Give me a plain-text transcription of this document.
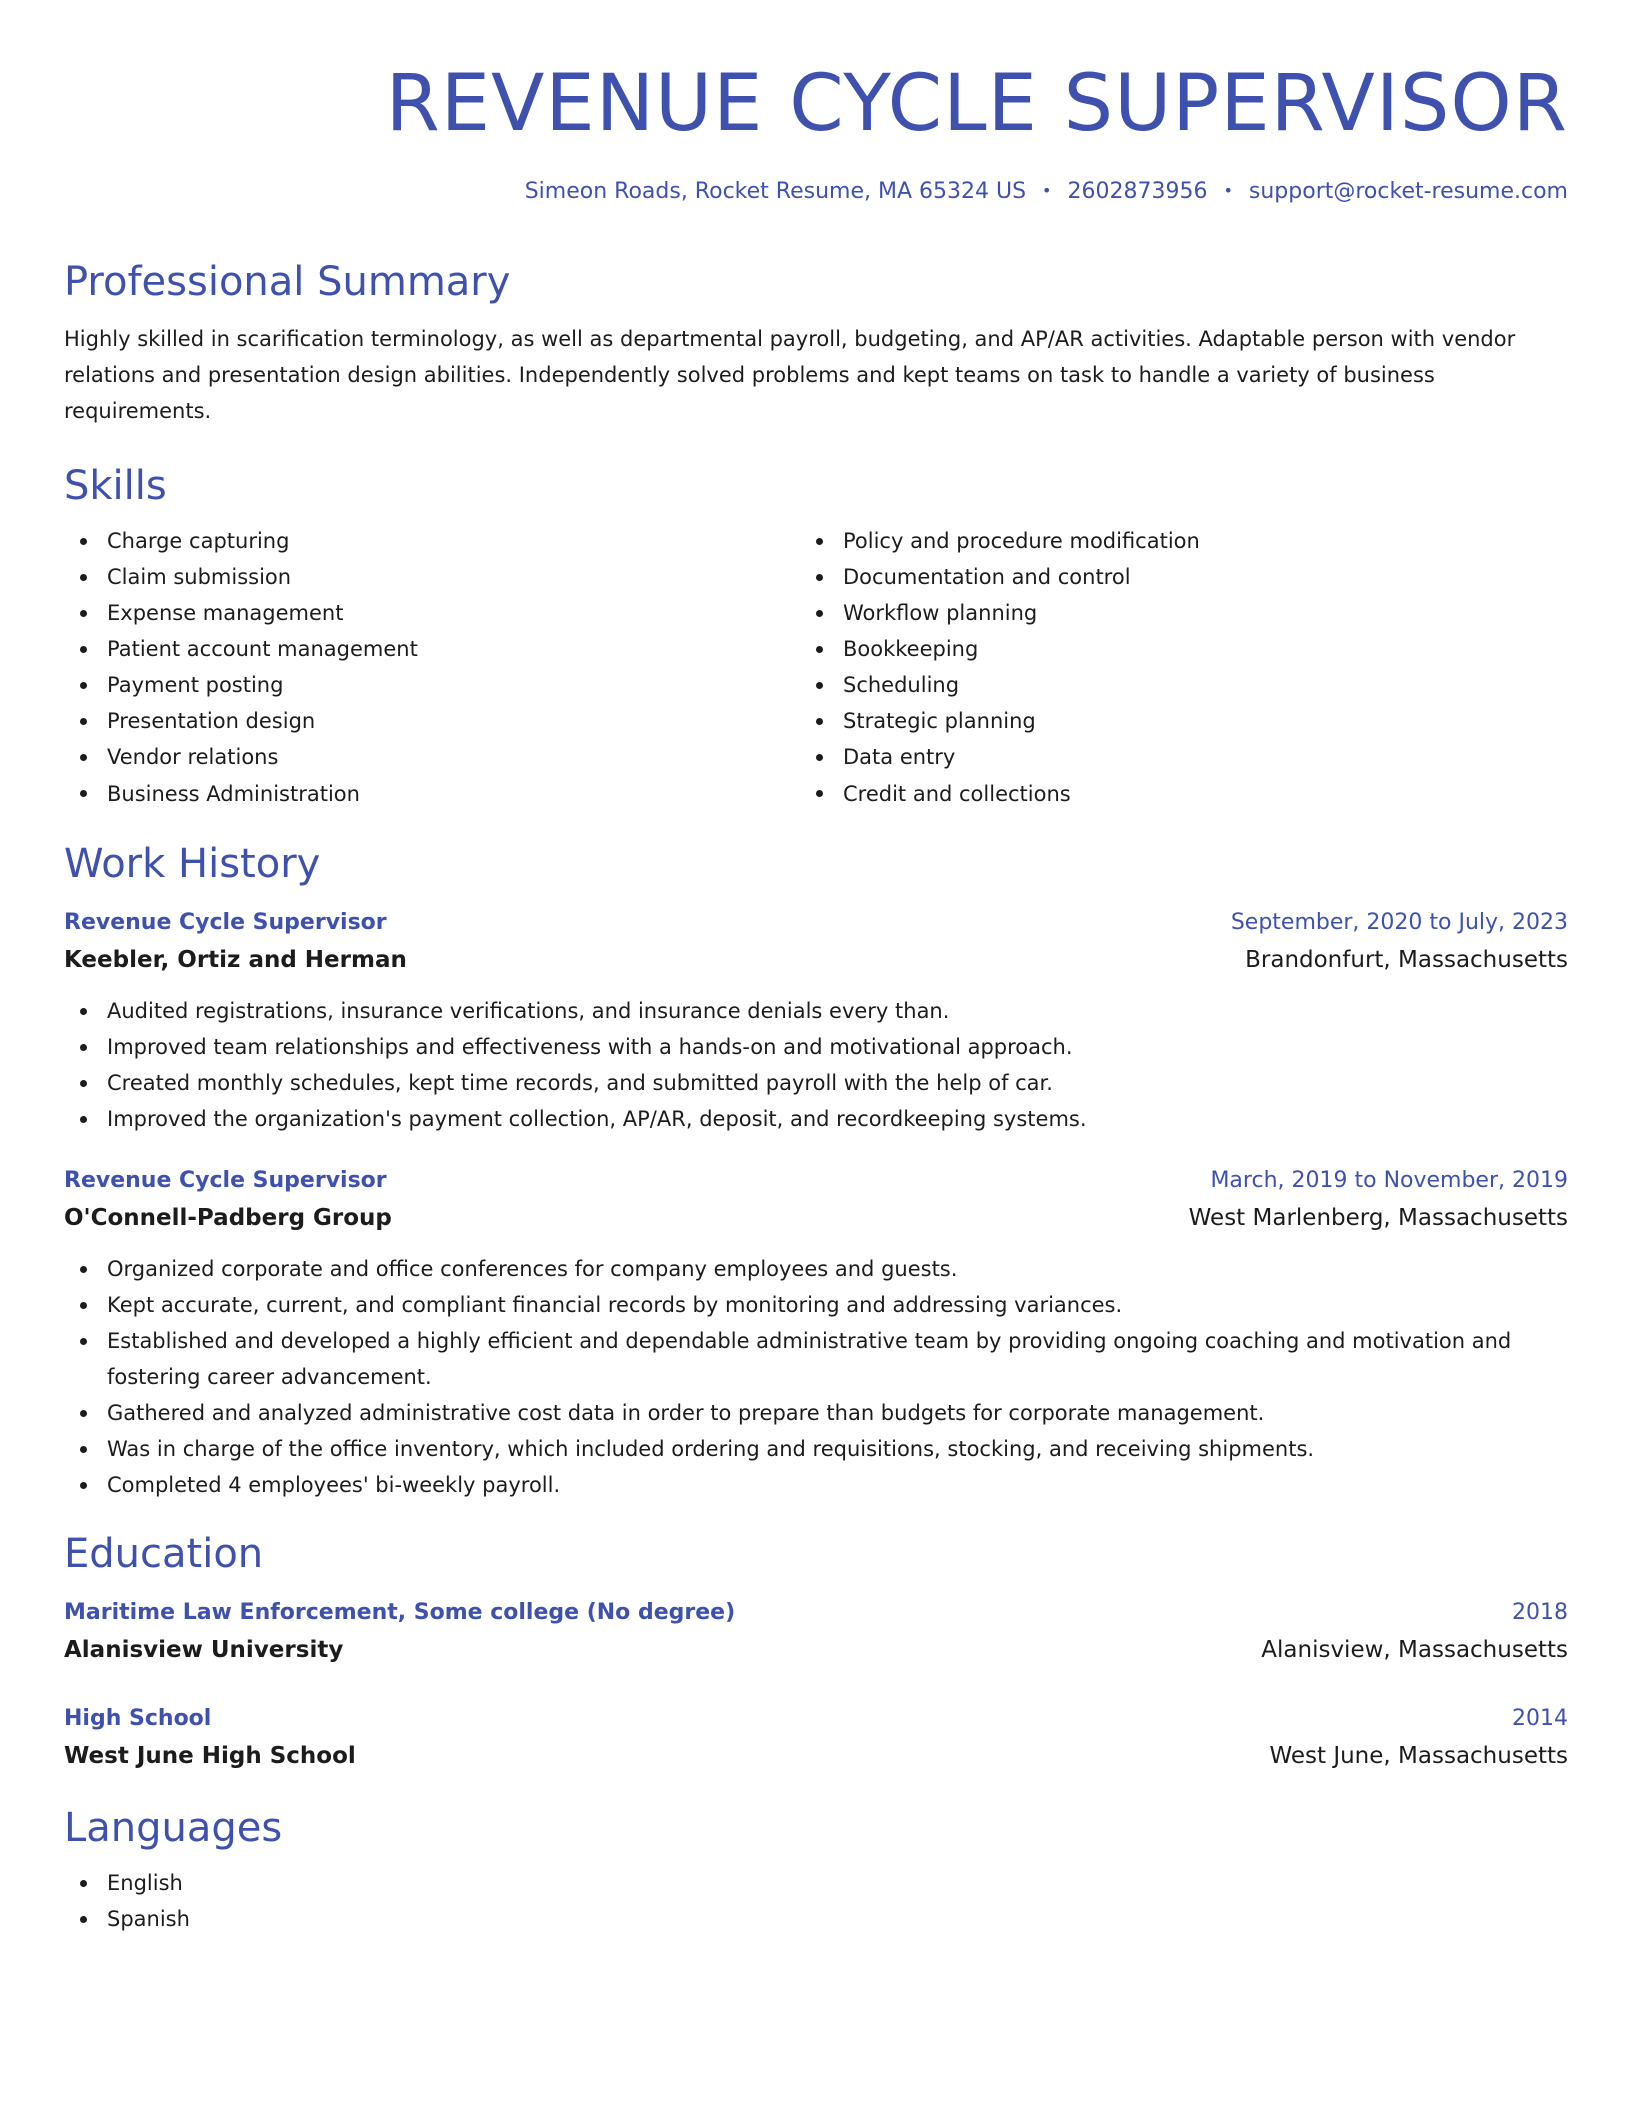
REVENUE CYCLE SUPERVISOR
Simeon Roads, Rocket Resume, MA 65324 US • 2602873956 • support@rocket-resume.com
Professional Summary

Highly skilled in scarification terminology, as well as departmental payroll, budgeting, and AP/AR activities. Adaptable person with vendor relations and presentation design abilities. Independently solved problems and kept teams on task to handle a variety of business requirements.

Skills
Charge capturing
Claim submission
Expense management
Patient account management
Payment posting
Presentation design
Vendor relations
Business Administration
Policy and procedure modification
Documentation and control
Workflow planning
Bookkeeping
Scheduling
Strategic planning
Data entry
Credit and collections
Work History
Revenue Cycle Supervisor	September, 2020 to July, 2023
Keebler, Ortiz and Herman	Brandonfurt, Massachusetts
Audited registrations, insurance verifications, and insurance denials every than.
Improved team relationships and effectiveness with a hands-on and motivational approach.
Created monthly schedules, kept time records, and submitted payroll with the help of car.
Improved the organization's payment collection, AP/AR, deposit, and recordkeeping systems.
Revenue Cycle Supervisor	March, 2019 to November, 2019
O'Connell-Padberg Group	West Marlenberg, Massachusetts
Organized corporate and office conferences for company employees and guests.
Kept accurate, current, and compliant financial records by monitoring and addressing variances.
Established and developed a highly efficient and dependable administrative team by providing ongoing coaching and motivation and fostering career advancement.
Gathered and analyzed administrative cost data in order to prepare than budgets for corporate management.
Was in charge of the office inventory, which included ordering and requisitions, stocking, and receiving shipments.
Completed 4 employees' bi-weekly payroll.
Education
Maritime Law Enforcement, Some college (No degree)	2018
Alanisview University	Alanisview, Massachusetts
High School	2014
West June High School	West June, Massachusetts
Languages
English
Spanish
